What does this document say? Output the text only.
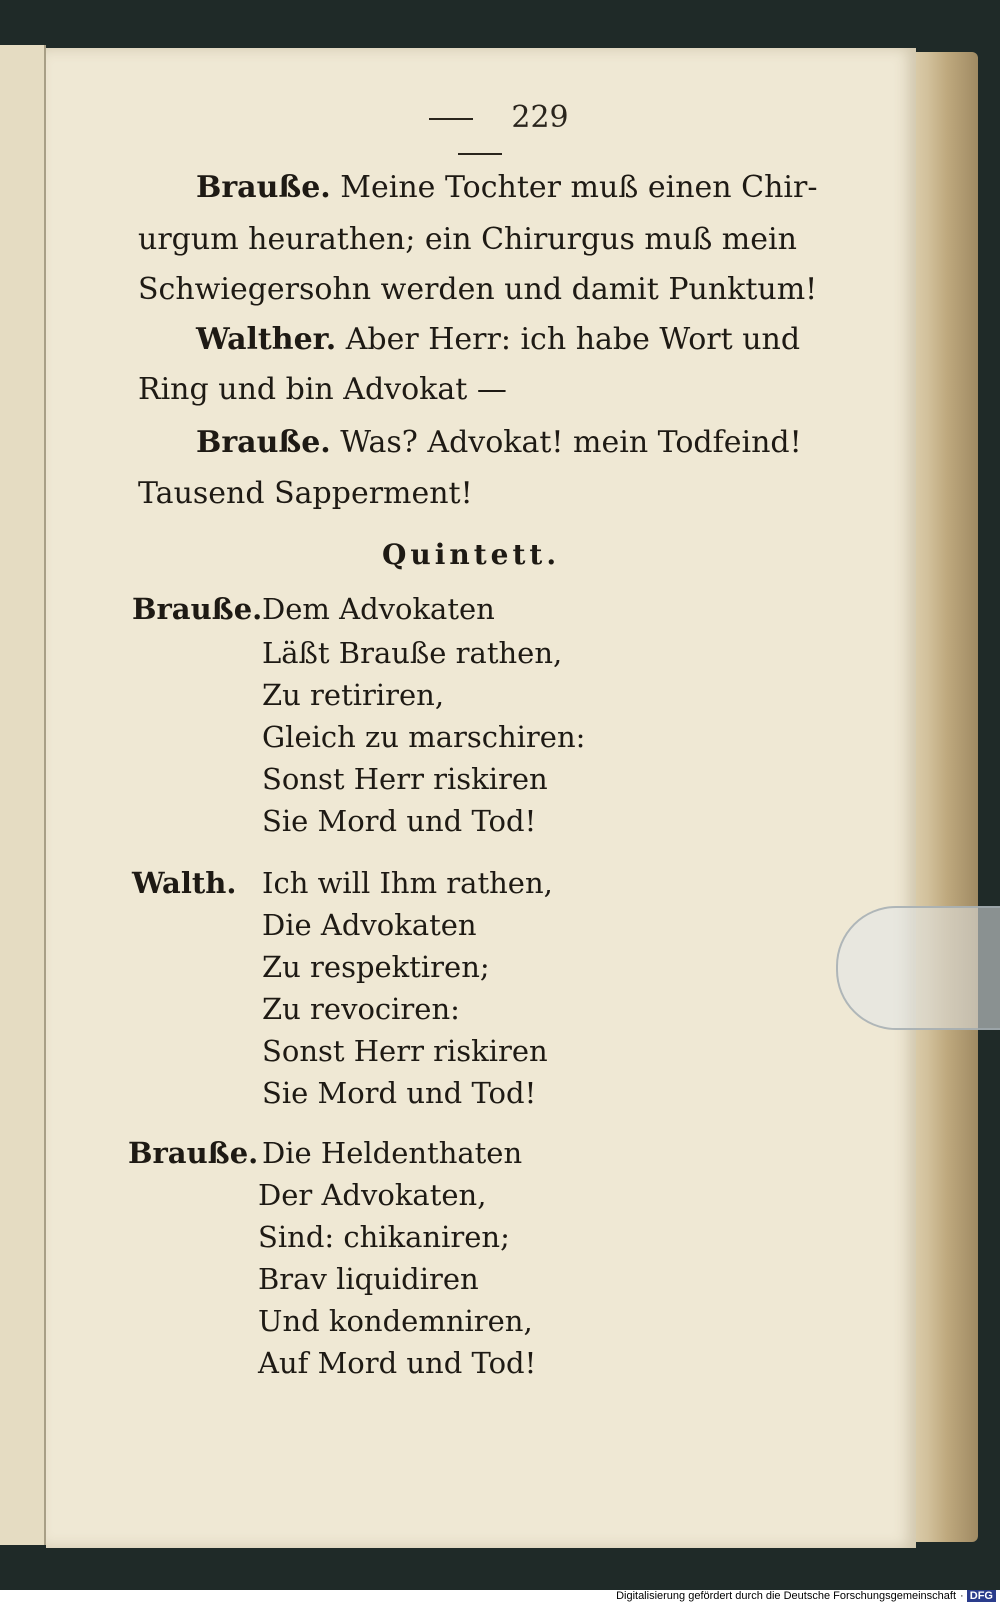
229
Brauße. Meine Tochter muß einen Chir-
urgum heurathen; ein Chirurgus muß mein
Schwiegersohn werden und damit Punktum!
Walther. Aber Herr: ich habe Wort und
Ring und bin Advokat —
Brauße. Was? Advokat! mein Todfeind!
Tausend Sapperment!
Quintett.
Brauße. Dem Advokaten
Läßt Brauße rathen,
Zu retiriren,
Gleich zu marschiren:
Sonst Herr riskiren
Sie Mord und Tod!
Walth. Ich will Ihm rathen,
Die Advokaten
Zu respektiren;
Zu revociren:
Sonst Herr riskiren
Sie Mord und Tod!
Brauße. Die Heldenthaten
Der Advokaten,
Sind: chikaniren;
Brav liquidiren
Und kondemniren,
Auf Mord und Tod!
Digitalisierung gefördert durch die Deutsche Forschungsgemeinschaft · DFG
